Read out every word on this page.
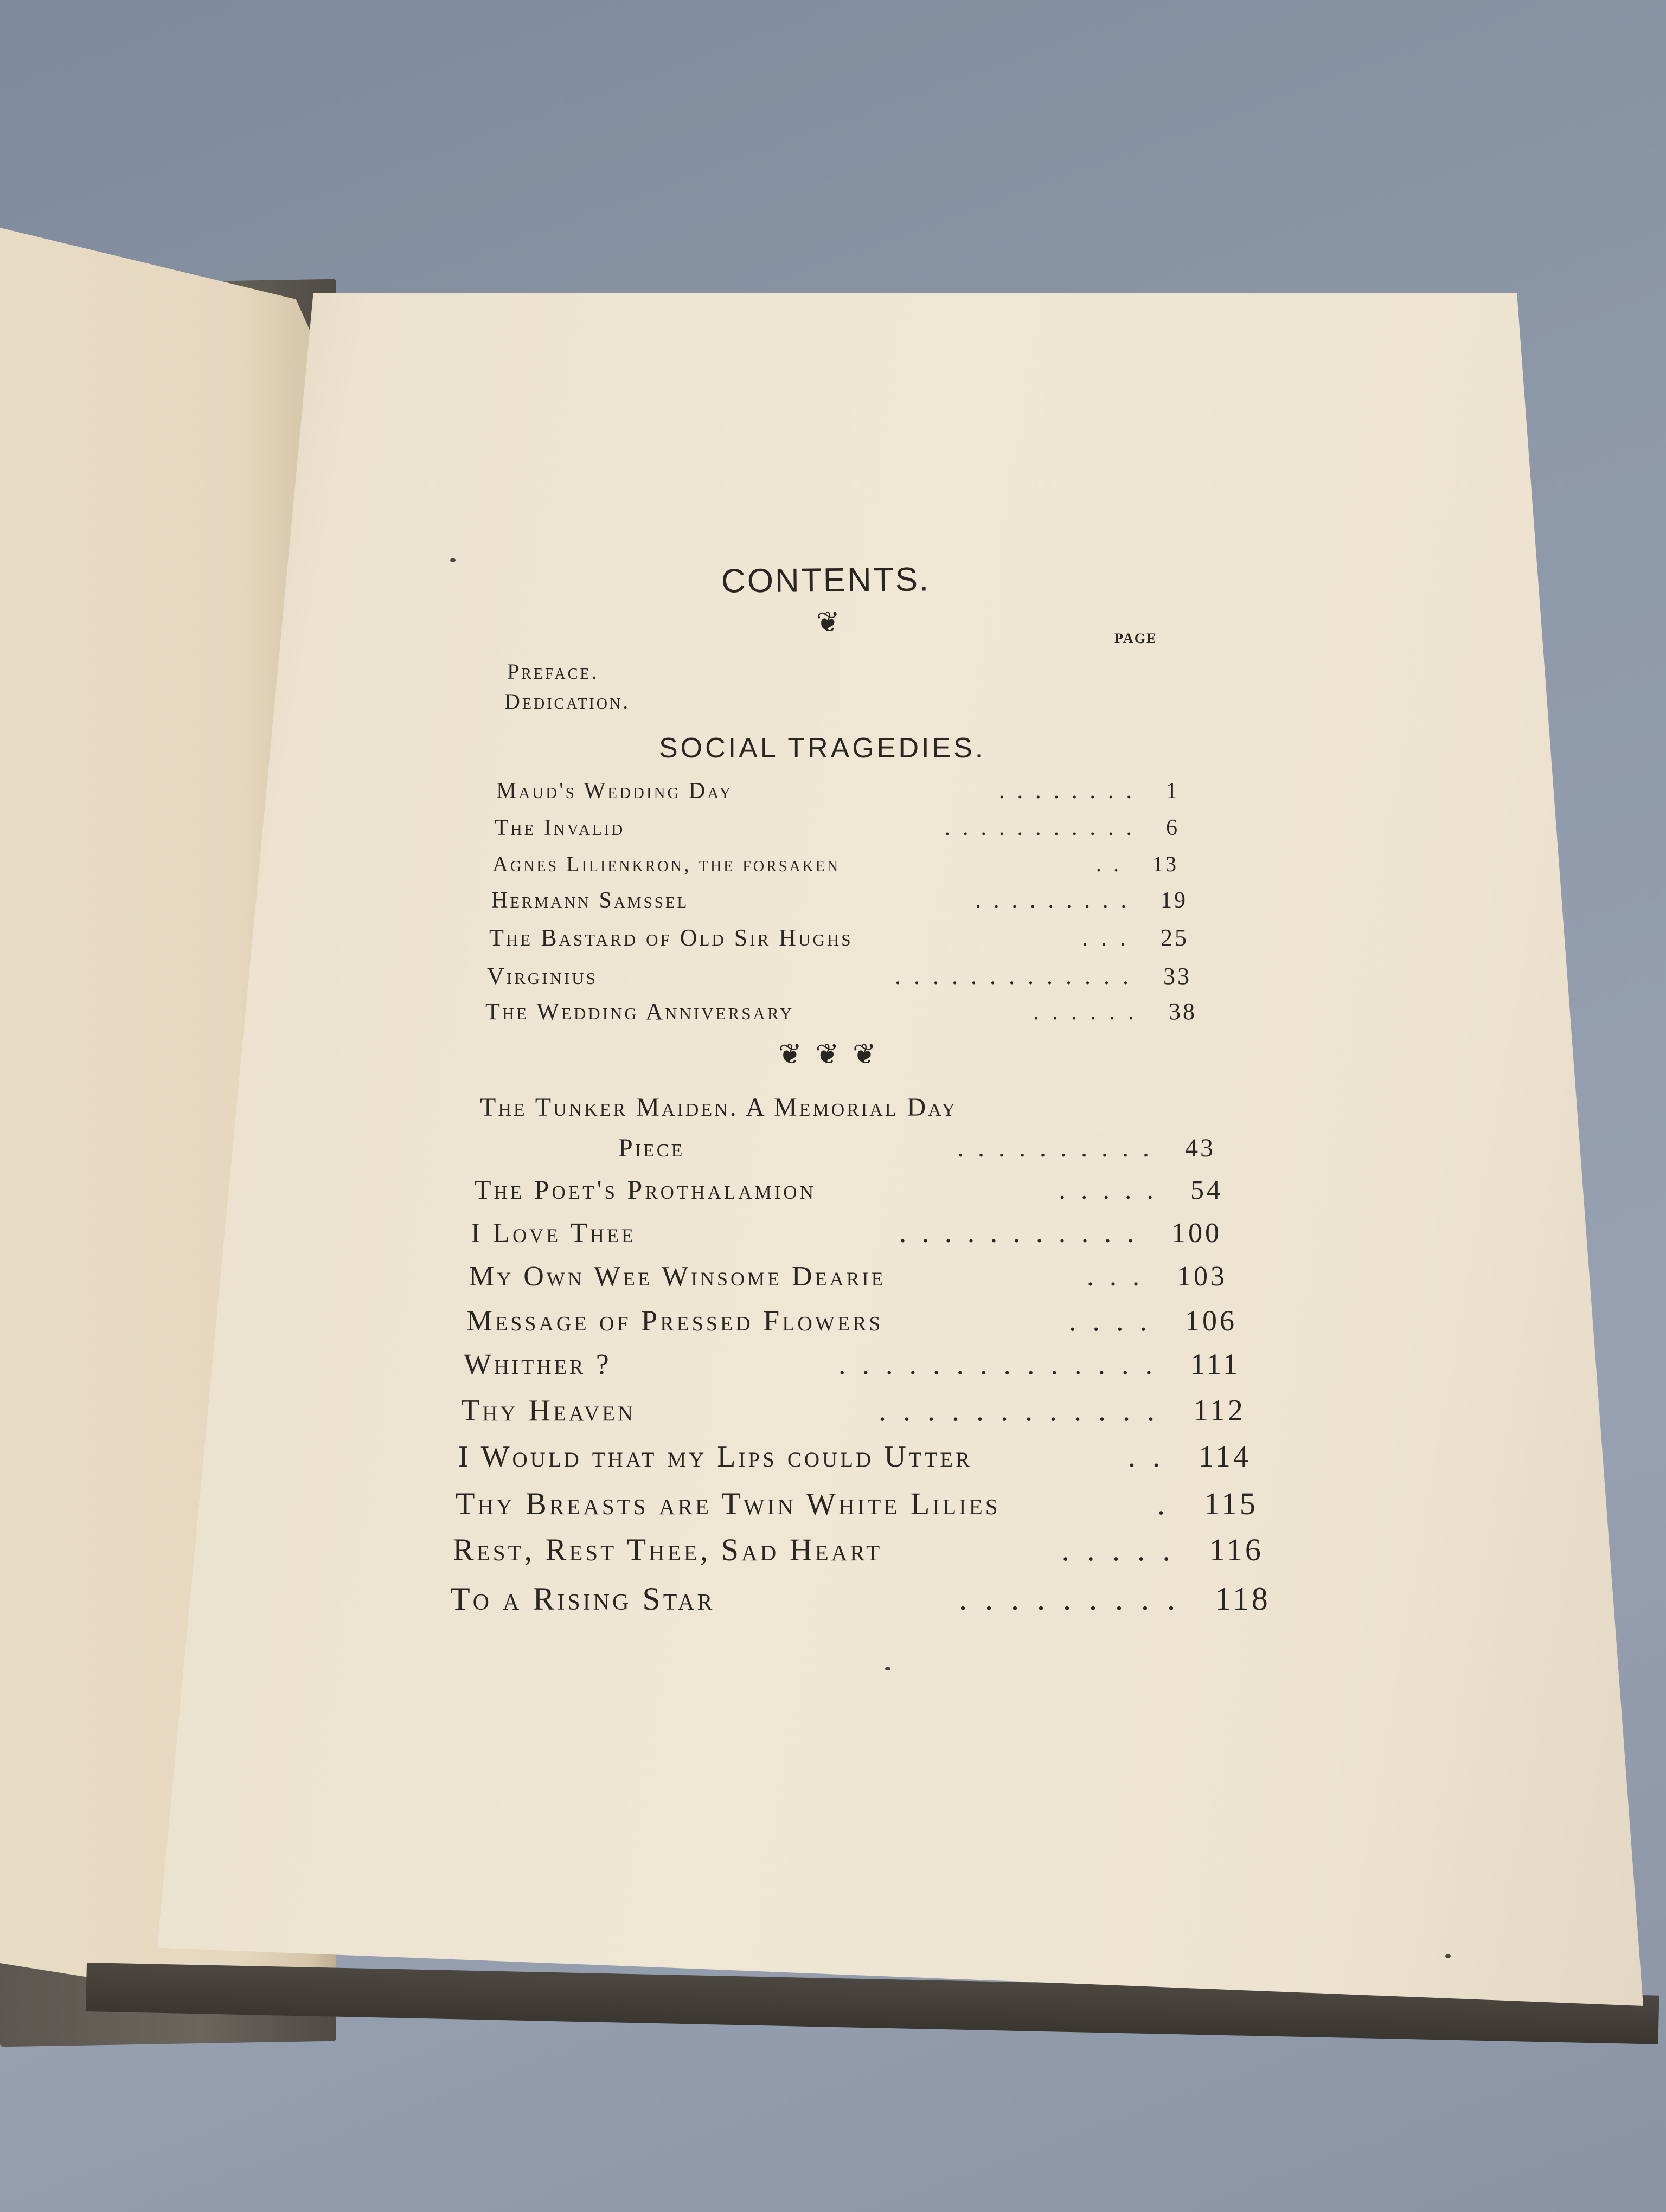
CONTENTS.
❦
PAGE
Preface.
Dedication.
SOCIAL TRAGEDIES.
Maud's Wedding Day	........ 1
The Invalid	........... 6
Agnes Lilienkron, the forsaken	.. 13
Hermann Samssel	......... 19
The Bastard of Old Sir Hughs	... 25
Virginius	............. 33
The Wedding Anniversary	...... 38
❦ ❦ ❦
The Tunker Maiden. A Memorial Day
Piece	.......... 43
The Poet's Prothalamion	..... 54
I Love Thee	........... 100
My Own Wee Winsome Dearie	... 103
Message of Pressed Flowers	.... 106
Whither ?	.............. 111
Thy Heaven	............ 112
I Would that my Lips could Utter	.. 114
Thy Breasts are Twin White Lilies	. 115
Rest, Rest Thee, Sad Heart	..... 116
To a Rising Star	......... 118
